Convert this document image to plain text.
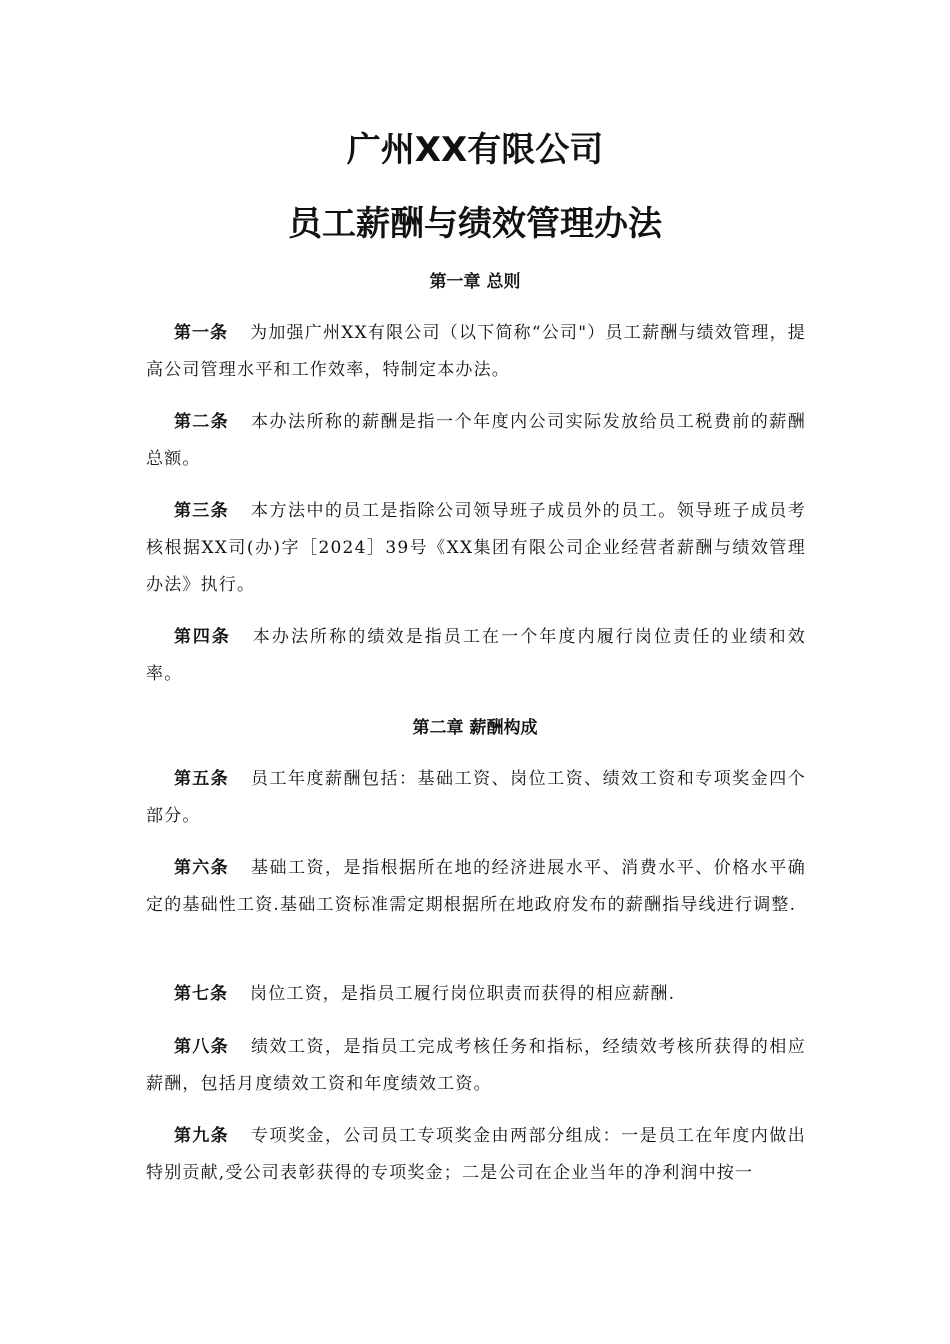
广州XX有限公司
员工薪酬与绩效管理办法
第一章 总则
第一条 为加强广州XX有限公司（以下简称“公司"）员工薪酬与绩效管理，提高公司管理水平和工作效率，特制定本办法。
第二条 本办法所称的薪酬是指一个年度内公司实际发放给员工税费前的薪酬总额。
第三条 本方法中的员工是指除公司领导班子成员外的员工。领导班子成员考核根据XX司(办)字［2024］39号《XX集团有限公司企业经营者薪酬与绩效管理办法》执行。
第四条 本办法所称的绩效是指员工在一个年度内履行岗位责任的业绩和效率。
第二章 薪酬构成
第五条 员工年度薪酬包括：基础工资、岗位工资、绩效工资和专项奖金四个部分。
第六条 基础工资，是指根据所在地的经济进展水平、消费水平、价格水平确定的基础性工资.基础工资标准需定期根据所在地政府发布的薪酬指导线进行调整.
第七条 岗位工资，是指员工履行岗位职责而获得的相应薪酬.
第八条 绩效工资，是指员工完成考核任务和指标，经绩效考核所获得的相应薪酬，包括月度绩效工资和年度绩效工资。
第九条 专项奖金，公司员工专项奖金由两部分组成：一是员工在年度内做出特别贡献,受公司表彰获得的专项奖金；二是公司在企业当年的净利润中按一
